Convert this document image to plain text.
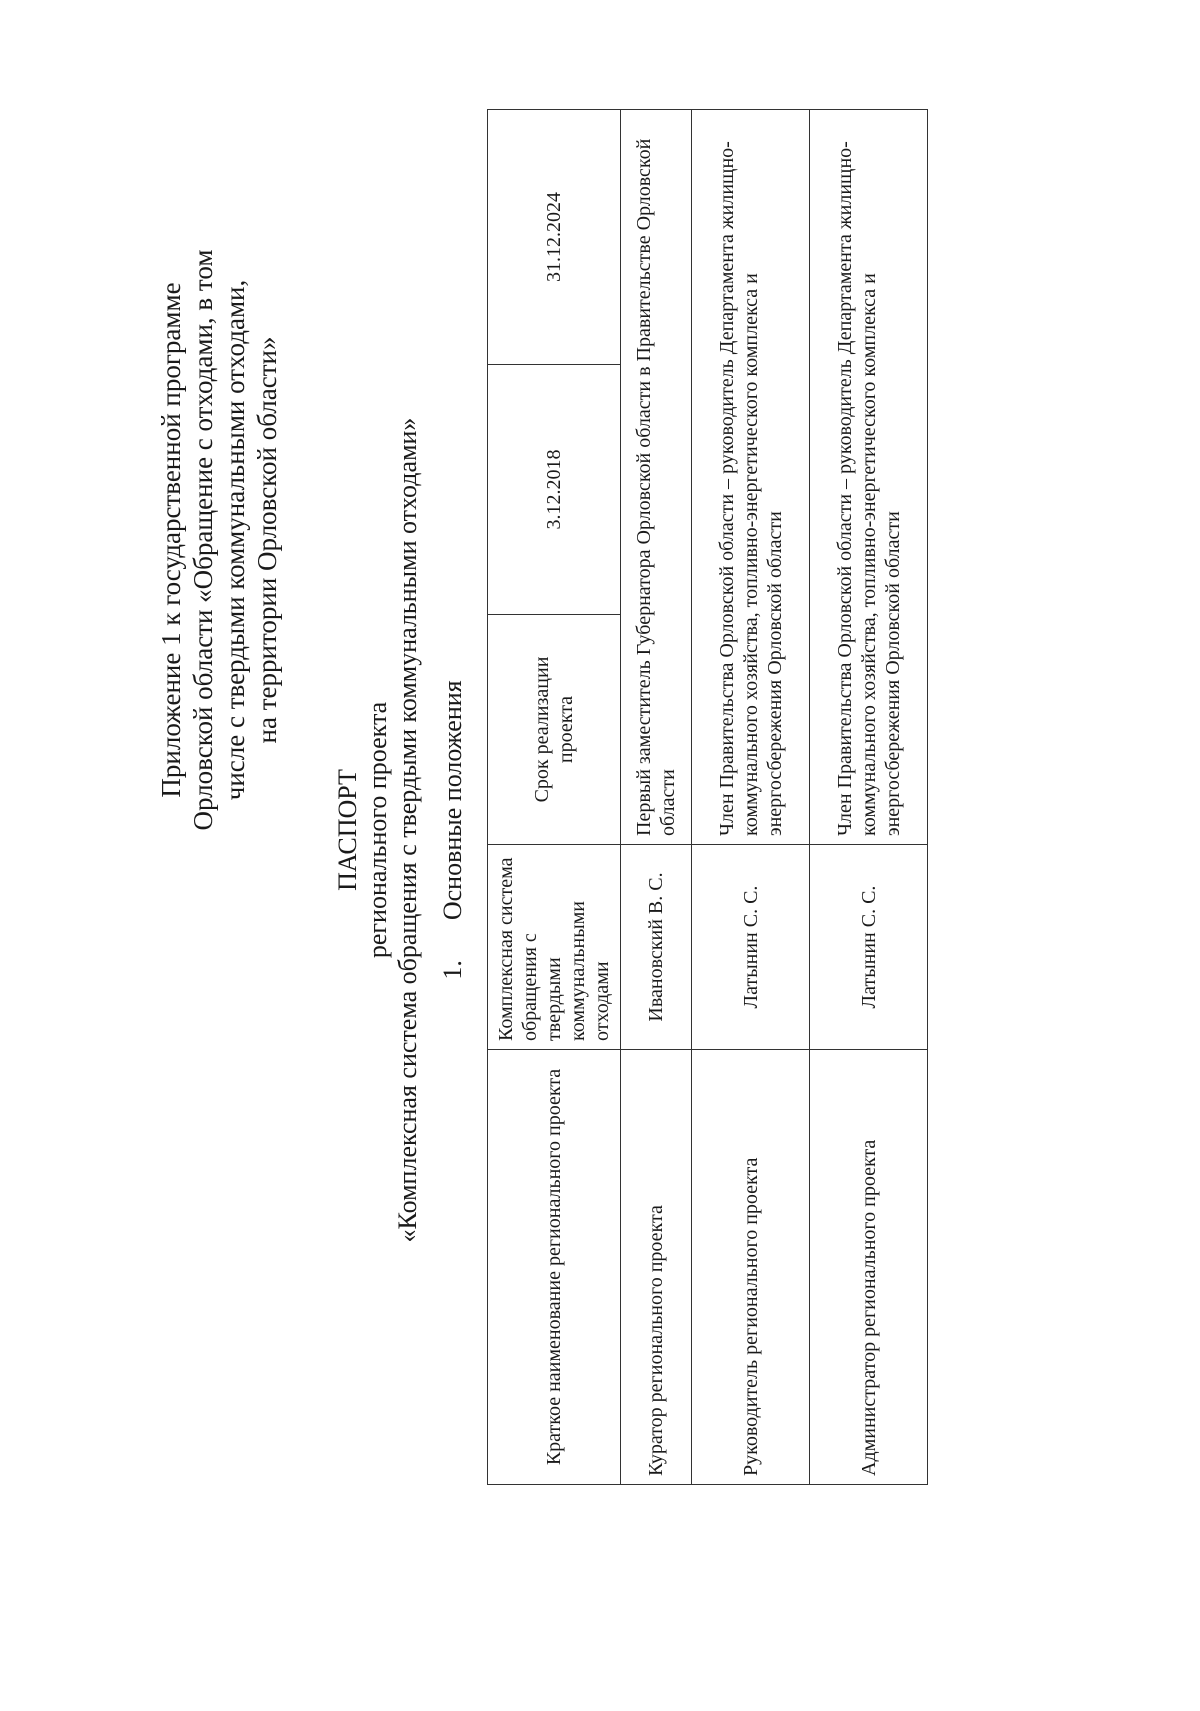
Приложение 1 к государственной программе Орловской области «Обращение с отходами, в том числе с твердыми коммунальными отходами, на территории Орловской области»
ПАСПОРТ регионального проекта «Комплексная система обращения с твердыми коммунальными отходами» 1.Основные положения
Краткое наименование регионального проекта	Комплексная система обращения с твердыми коммунальными отходами	Срок реализации проекта	3.12.2018	31.12.2024
Куратор регионального проекта	Ивановский В. С.	Первый заместитель Губернатора Орловской области в Правительстве Орловской области		
Руководитель регионального проекта	Латынин С. С.	Член Правительства Орловской области – руководитель Департамента жилищно-коммунального хозяйства, топливно-энергетического комплекса и энергосбережения Орловской области		
Администратор регионального проекта	Латынин С. С.	Член Правительства Орловской области – руководитель Департамента жилищно-коммунального хозяйства, топливно-энергетического комплекса и энергосбережения Орловской области		
